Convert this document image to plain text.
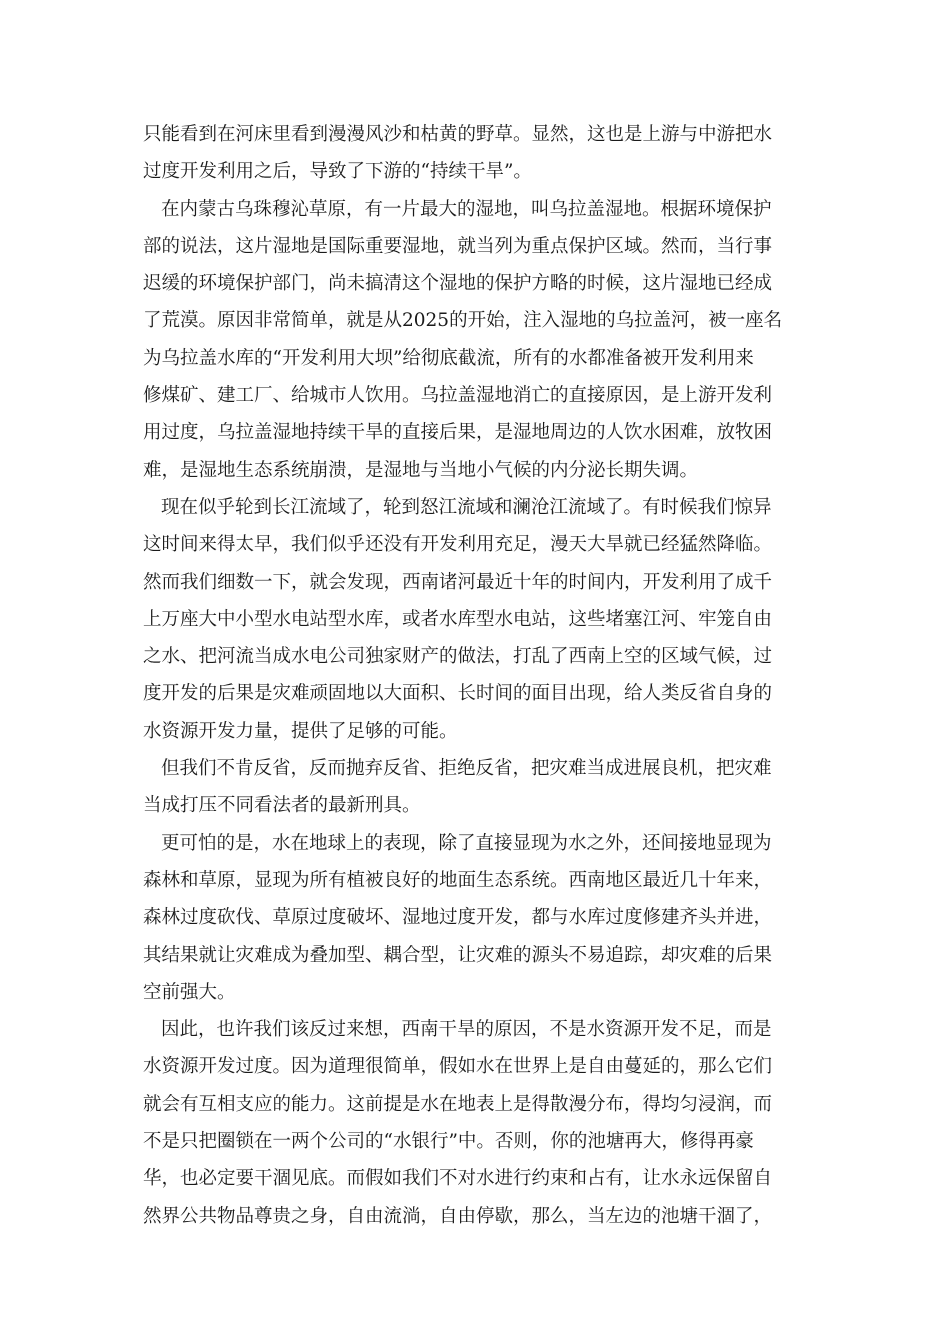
只能看到在河床里看到漫漫风沙和枯黄的野草。显然，这也是上游与中游把水
过度开发利用之后，导致了下游的“持续干旱”。
在内蒙古乌珠穆沁草原，有一片最大的湿地，叫乌拉盖湿地。根据环境保护
部的说法，这片湿地是国际重要湿地，就当列为重点保护区域。然而，当行事
迟缓的环境保护部门，尚未搞清这个湿地的保护方略的时候，这片湿地已经成
了荒漠。原因非常简单，就是从2025的开始，注入湿地的乌拉盖河，被一座名
为乌拉盖水库的“开发利用大坝”给彻底截流，所有的水都准备被开发利用来
修煤矿、建工厂、给城市人饮用。乌拉盖湿地消亡的直接原因，是上游开发利
用过度，乌拉盖湿地持续干旱的直接后果，是湿地周边的人饮水困难，放牧困
难，是湿地生态系统崩溃，是湿地与当地小气候的内分泌长期失调。
现在似乎轮到长江流域了，轮到怒江流域和澜沧江流域了。有时候我们惊异
这时间来得太早，我们似乎还没有开发利用充足，漫天大旱就已经猛然降临。
然而我们细数一下，就会发现，西南诸河最近十年的时间内，开发利用了成千
上万座大中小型水电站型水库，或者水库型水电站，这些堵塞江河、牢笼自由
之水、把河流当成水电公司独家财产的做法，打乱了西南上空的区域气候，过
度开发的后果是灾难顽固地以大面积、长时间的面目出现，给人类反省自身的
水资源开发力量，提供了足够的可能。
但我们不肯反省，反而抛弃反省、拒绝反省，把灾难当成进展良机，把灾难
当成打压不同看法者的最新刑具。
更可怕的是，水在地球上的表现，除了直接显现为水之外，还间接地显现为
森林和草原，显现为所有植被良好的地面生态系统。西南地区最近几十年来，
森林过度砍伐、草原过度破坏、湿地过度开发，都与水库过度修建齐头并进，
其结果就让灾难成为叠加型、耦合型，让灾难的源头不易追踪，却灾难的后果
空前强大。
因此，也许我们该反过来想，西南干旱的原因，不是水资源开发不足，而是
水资源开发过度。因为道理很简单，假如水在世界上是自由蔓延的，那么它们
就会有互相支应的能力。这前提是水在地表上是得散漫分布，得均匀浸润，而
不是只把圈锁在一两个公司的“水银行”中。否则，你的池塘再大，修得再豪
华，也必定要干涸见底。而假如我们不对水进行约束和占有，让水永远保留自
然界公共物品尊贵之身，自由流淌，自由停歇，那么，当左边的池塘干涸了，
